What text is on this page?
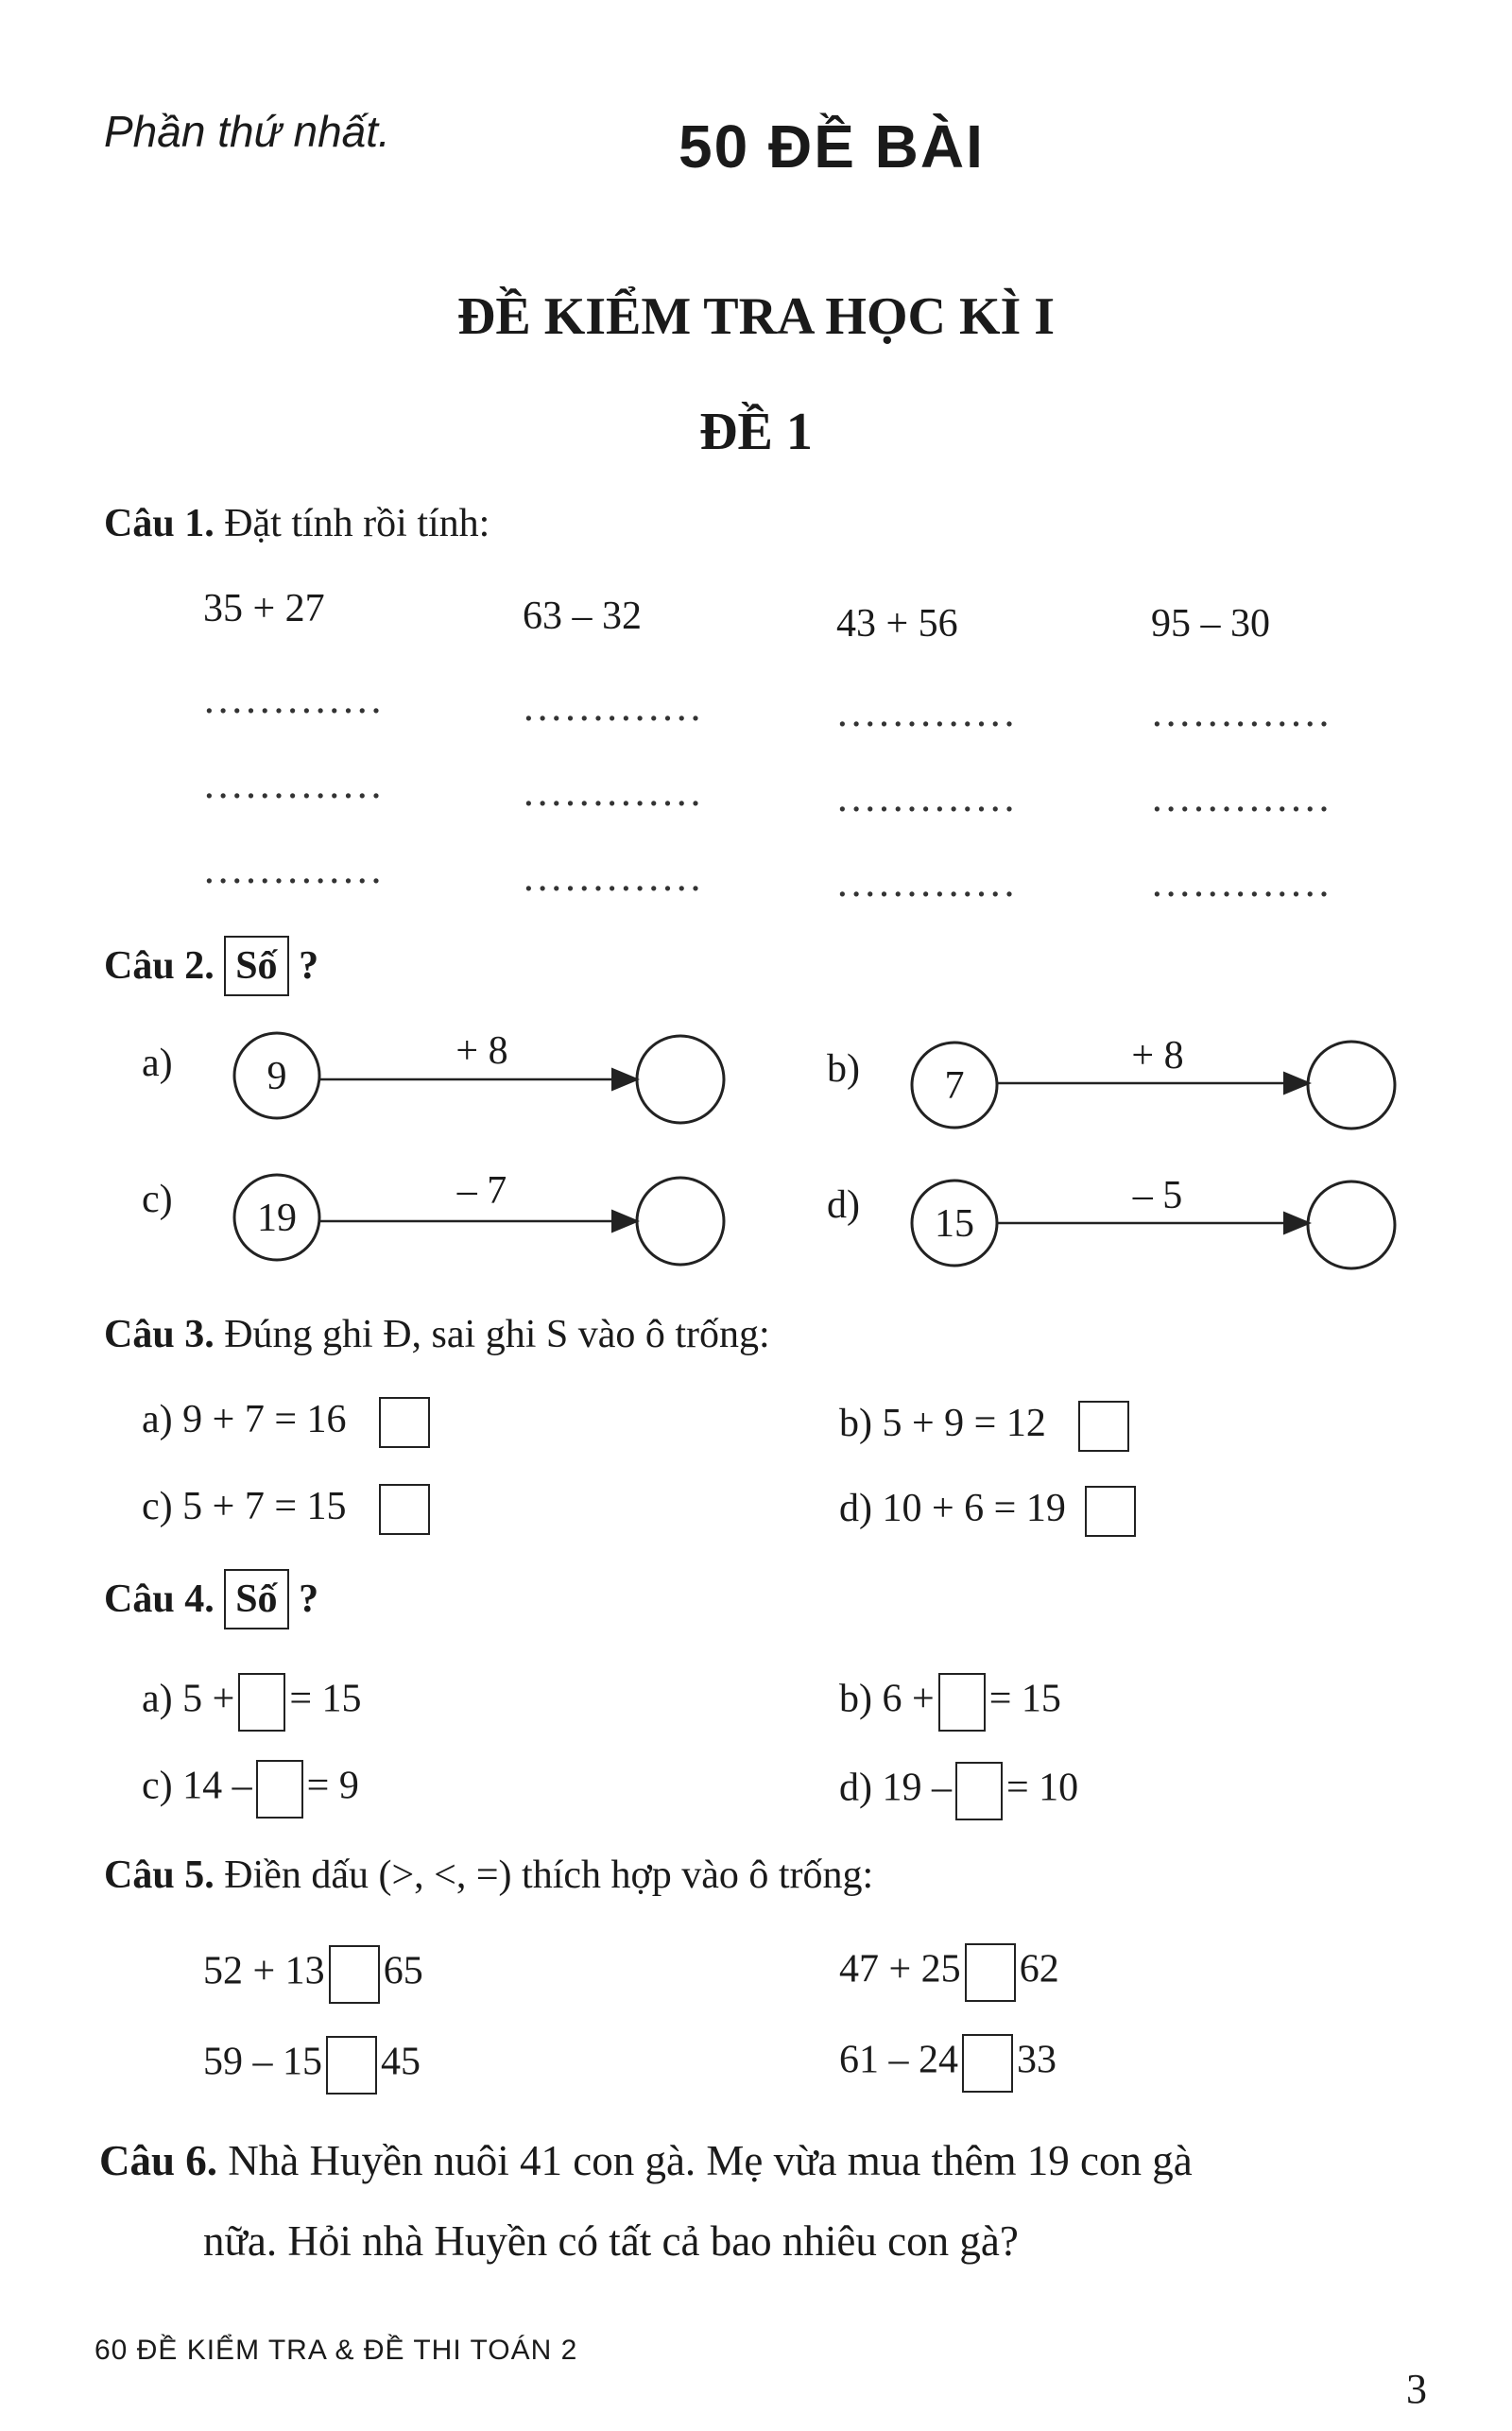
Phần thứ nhất.	50 ĐỀ BÀI
ĐỀ KIỂM TRA HỌC KÌ I
ĐỀ 1
Câu 1. Đặt tính rồi tính:
35 + 27	63 – 32	43 + 56	95 – 30
.............	.............	.............	.............
.............	.............	.............	.............
.............	.............	.............	.............
Câu 2. Số ?
a) 9
+ 8	b) 7
+ 8
c) 19
– 7	d) 15
– 5
Câu 3. Đúng ghi Đ, sai ghi S vào ô trống:
a) 9 + 7 = 16	b) 5 + 9 = 12
c) 5 + 7 = 15	d) 10 + 6 = 19
Câu 4. Số ?
a) 5 + = 15	b) 6 + = 15
c) 14 – = 9	d) 19 – = 10
Câu 5. Điền dấu (>, <, =) thích hợp vào ô trống:
52 + 13 65	47 + 25 62
59 – 15 45	61 – 24 33
Câu 6. Nhà Huyền nuôi 41 con gà. Mẹ vừa mua thêm 19 con gà
nữa. Hỏi nhà Huyền có tất cả bao nhiêu con gà?
60 ĐỀ KIỂM TRA & ĐỀ THI TOÁN 2
3
